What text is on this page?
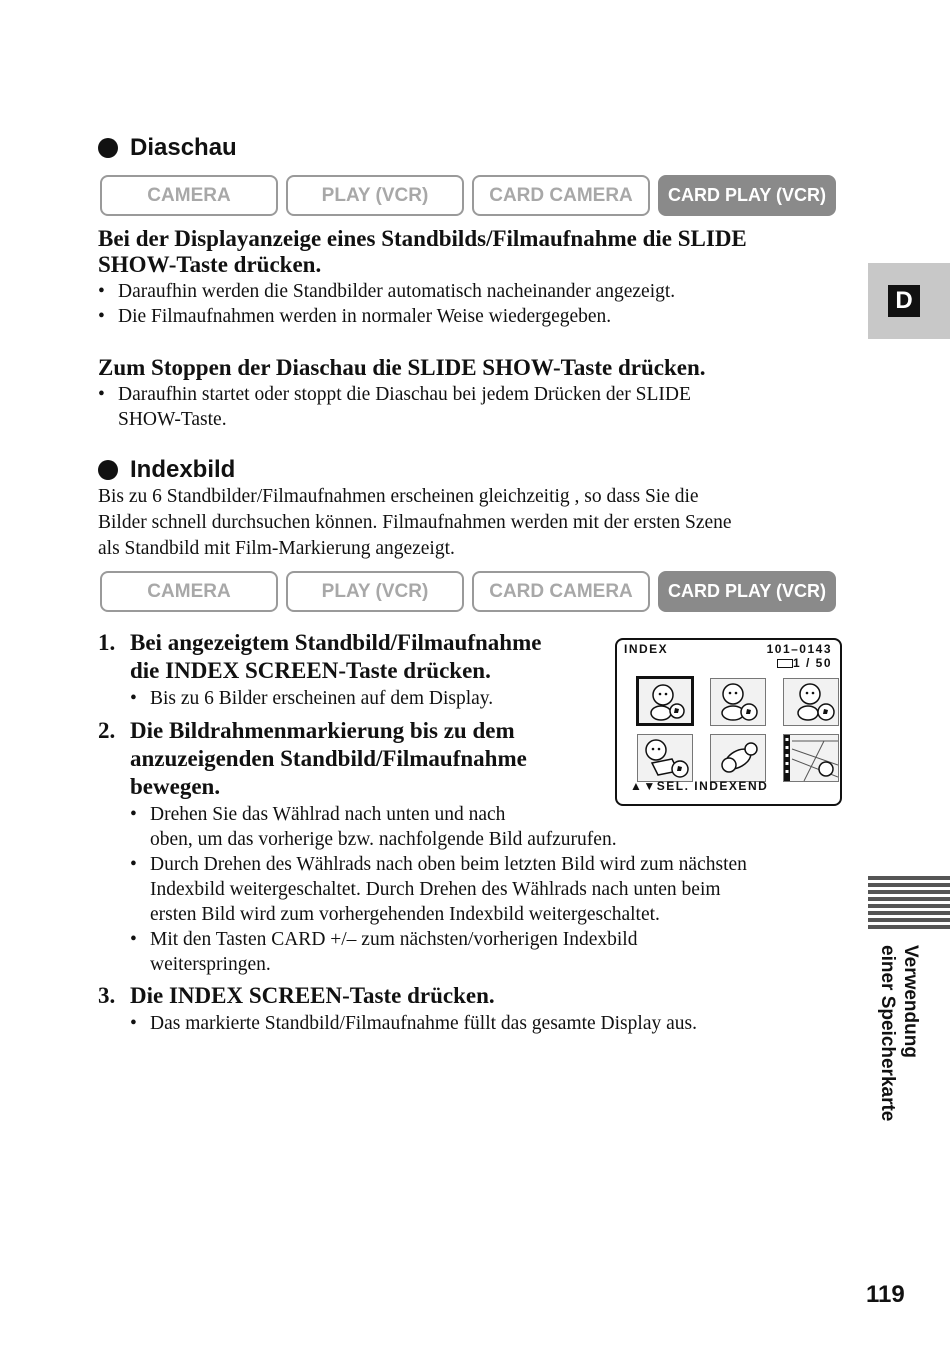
Diaschau
CAMERA	PLAY (VCR)	CARD CAMERA	CARD PLAY (VCR)
Bei der Displayanzeige eines Standbilds/Filmaufnahme die SLIDE
SHOW-Taste drücken.
• Daraufhin werden die Standbilder automatisch nacheinander angezeigt.
• Die Filmaufnahmen werden in normaler Weise wiedergegeben.
Zum Stoppen der Diaschau die SLIDE SHOW-Taste drücken.
• Daraufhin startet oder stoppt die Diaschau bei jedem Drücken der SLIDE
SHOW-Taste.
Indexbild
Bis zu 6 Standbilder/Filmaufnahmen erscheinen gleichzeitig , so dass Sie die
Bilder schnell durchsuchen können. Filmaufnahmen werden mit der ersten Szene
als Standbild mit Film-Markierung angezeigt.
CAMERA	PLAY (VCR)	CARD CAMERA	CARD PLAY (VCR)
1. Bei angezeigtem Standbild/Filmaufnahme
die INDEX SCREEN-Taste drücken.
• Bis zu 6 Bilder erscheinen auf dem Display.
2. Die Bildrahmenmarkierung bis zu dem
anzuzeigenden Standbild/Filmaufnahme
bewegen.
• Drehen Sie das Wählrad nach unten und nach
oben, um das vorherige bzw. nachfolgende Bild aufzurufen.
• Durch Drehen des Wählrads nach oben beim letzten Bild wird zum nächsten
Indexbild weitergeschaltet. Durch Drehen des Wählrads nach unten beim
ersten Bild wird zum vorhergehenden Indexbild weitergeschaltet.
• Mit den Tasten CARD +/– zum nächsten/vorherigen Indexbild
weiterspringen.
3. Die INDEX SCREEN-Taste drücken.
• Das markierte Standbild/Filmaufnahme füllt das gesamte Display aus.
INDEX	101–0143
1 / 50
▲▼SEL. INDEXEND
D
Verwendung
einer Speicherkarte
119
